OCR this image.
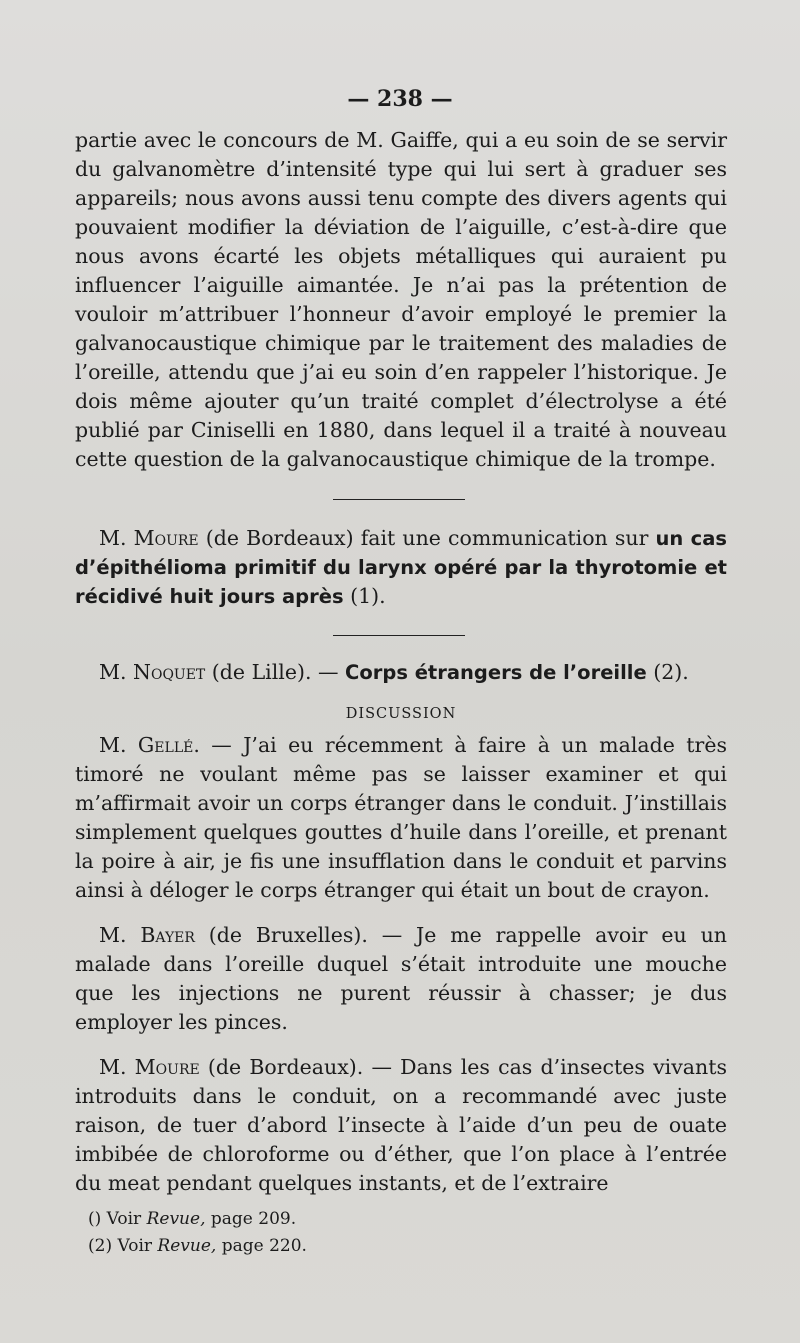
— 238 —

partie avec le concours de M. Gaiffe, qui a eu soin de se servir du galvanomètre d’intensité type qui lui sert à graduer ses appareils; nous avons aussi tenu compte des divers agents qui pouvaient modifier la déviation de l’aiguille, c’est-à-dire que nous avons écarté les objets métalliques qui auraient pu influencer l’aiguille aimantée. Je n’ai pas la prétention de vouloir m’attribuer l’honneur d’avoir employé le premier la galvanocaustique chimique par le traitement des maladies de l’oreille, attendu que j’ai eu soin d’en rappeler l’historique. Je dois même ajouter qu’un traité complet d’électrolyse a été publié par Ciniselli en 1880, dans lequel il a traité à nouveau cette question de la galvanocaustique chimique de la trompe.

M. Moure (de Bordeaux) fait une communication sur un cas d’épithélioma primitif du larynx opéré par la thyrotomie et récidivé huit jours après (1).

M. Noquet (de Lille). — Corps étrangers de l’oreille (2).

DISCUSSION

M. Gellé. — J’ai eu récemment à faire à un malade très timoré ne voulant même pas se laisser examiner et qui m’affirmait avoir un corps étranger dans le conduit. J’instillais simplement quelques gouttes d’huile dans l’oreille, et prenant la poire à air, je fis une insufflation dans le conduit et parvins ainsi à déloger le corps étranger qui était un bout de crayon.

M. Bayer (de Bruxelles). — Je me rappelle avoir eu un malade dans l’oreille duquel s’était introduite une mouche que les injections ne purent réussir à chasser; je dus employer les pinces.

M. Moure (de Bordeaux). — Dans les cas d’insectes vivants introduits dans le conduit, on a recommandé avec juste raison, de tuer d’abord l’insecte à l’aide d’un peu de ouate imbibée de chloroforme ou d’éther, que l’on place à l’entrée du meat pendant quelques instants, et de l’extraire

() Voir Revue, page 209.

(2) Voir Revue, page 220.
